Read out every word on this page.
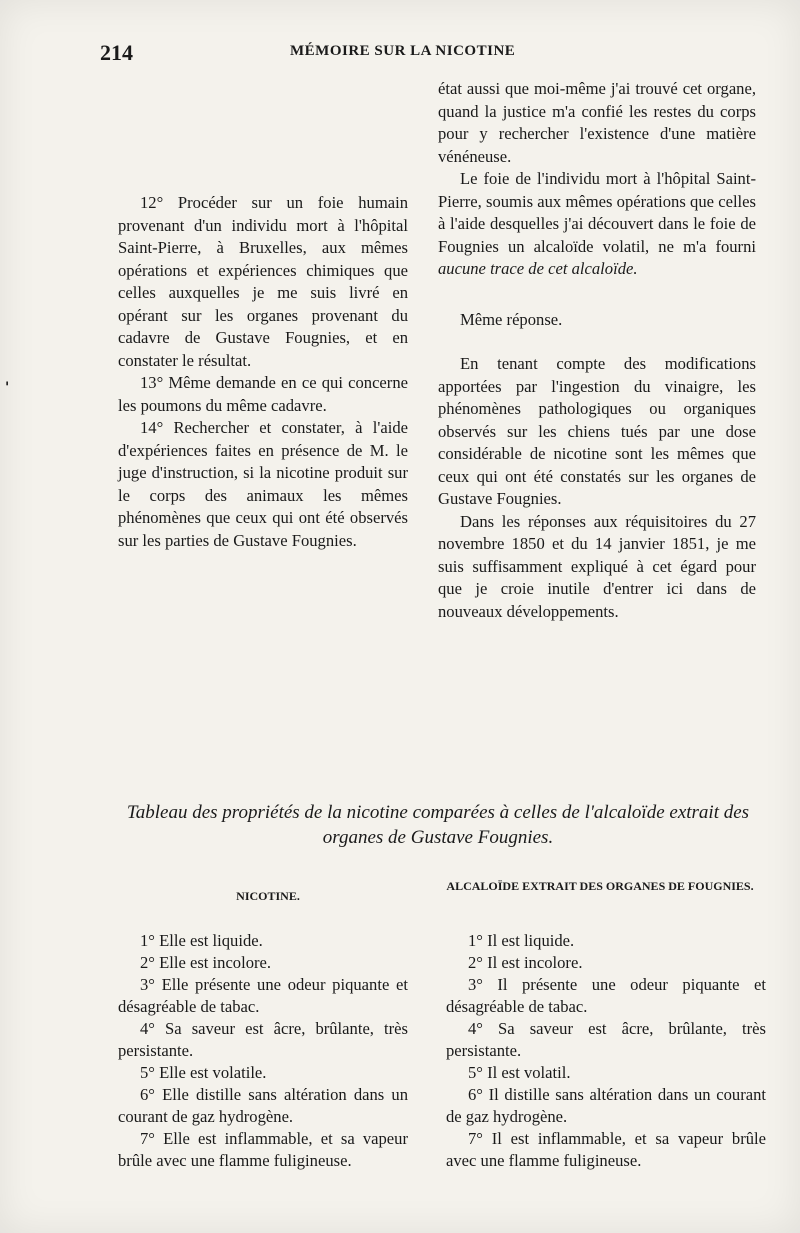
214	MÉMOIRE SUR LA NICOTINE
'

12° Procéder sur un foie humain provenant d'un individu mort à l'hôpital Saint-Pierre, à Bruxelles, aux mêmes opérations et expériences chimiques que celles auxquelles je me suis livré en opérant sur les organes provenant du cadavre de Gustave Fougnies, et en constater le résultat.

13° Même demande en ce qui concerne les poumons du même cadavre.

14° Rechercher et constater, à l'aide d'expériences faites en présence de M. le juge d'instruction, si la nicotine produit sur le corps des animaux les mêmes phénomènes que ceux qui ont été observés sur les parties de Gustave Fougnies.

état aussi que moi-même j'ai trouvé cet organe, quand la justice m'a confié les restes du corps pour y rechercher l'existence d'une matière vénéneuse.

Le foie de l'individu mort à l'hôpital Saint-Pierre, soumis aux mêmes opérations que celles à l'aide desquelles j'ai découvert dans le foie de Fougnies un alcaloïde volatil, ne m'a fourni aucune trace de cet alcaloïde.

Même réponse.

En tenant compte des modifications apportées par l'ingestion du vinaigre, les phénomènes pathologiques ou organiques observés sur les chiens tués par une dose considérable de nicotine sont les mêmes que ceux qui ont été constatés sur les organes de Gustave Fougnies.

Dans les réponses aux réquisitoires du 27 novembre 1850 et du 14 janvier 1851, je me suis suffisamment expliqué à cet égard pour que je croie inutile d'entrer ici dans de nouveaux développements.

Tableau des propriétés de la nicotine comparées à celles de l'alcaloïde extrait des organes de Gustave Fougnies.
NICOTINE.
ALCALOÏDE EXTRAIT DES ORGANES DE FOUGNIES.

1° Elle est liquide.

2° Elle est incolore.

3° Elle présente une odeur piquante et désagréable de tabac.

4° Sa saveur est âcre, brûlante, très persistante.

5° Elle est volatile.

6° Elle distille sans altération dans un courant de gaz hydrogène.

7° Elle est inflammable, et sa vapeur brûle avec une flamme fuligineuse.

1° Il est liquide.

2° Il est incolore.

3° Il présente une odeur piquante et désagréable de tabac.

4° Sa saveur est âcre, brûlante, très persistante.

5° Il est volatil.

6° Il distille sans altération dans un courant de gaz hydrogène.

7° Il est inflammable, et sa vapeur brûle avec une flamme fuligineuse.
